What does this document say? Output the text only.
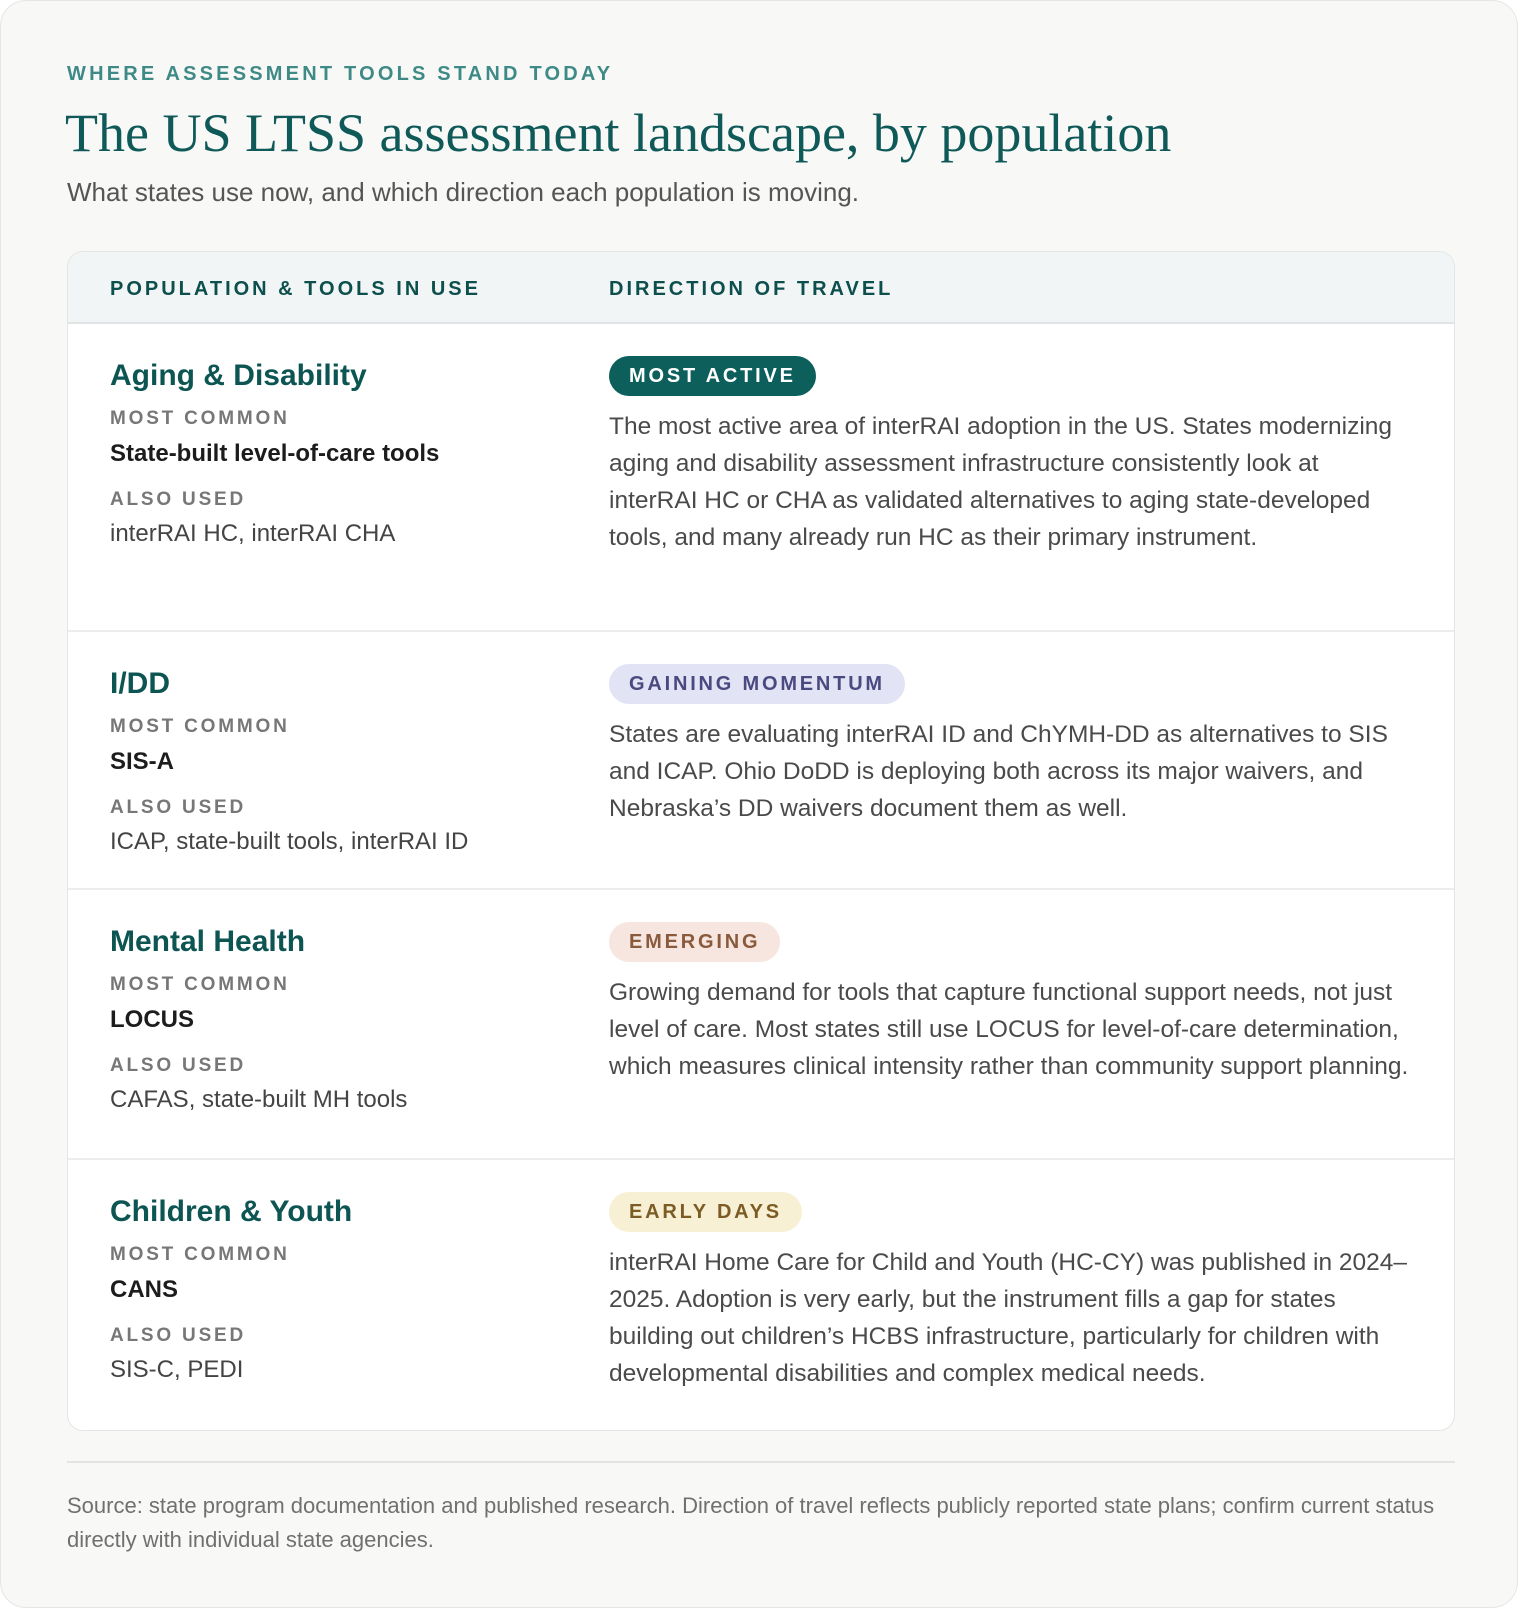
WHERE ASSESSMENT TOOLS STAND TODAY

The US LTSS assessment landscape, by population

What states use now, and which direction each population is moving.

POPULATION & TOOLS IN USE	DIRECTION OF TRAVEL
Aging & Disability
MOST COMMON
State-built level-of-care tools
ALSO USED
interRAI HC, interRAI CHA
MOST ACTIVE

The most active area of interRAI adoption in the US. States modernizing aging and disability assessment infrastructure consistently look at interRAI HC or CHA as validated alternatives to aging state-developed tools, and many already run HC as their primary instrument.

I/DD
MOST COMMON
SIS-A
ALSO USED
ICAP, state-built tools, interRAI ID
GAINING MOMENTUM

States are evaluating interRAI ID and ChYMH-DD as alternatives to SIS and ICAP. Ohio DoDD is deploying both across its major waivers, and Nebraska’s DD waivers document them as well.

Mental Health
MOST COMMON
LOCUS
ALSO USED
CAFAS, state-built MH tools
EMERGING

Growing demand for tools that capture functional support needs, not just level of care. Most states still use LOCUS for level-of-care determination, which measures clinical intensity rather than community support planning.

Children & Youth
MOST COMMON
CANS
ALSO USED
SIS-C, PEDI
EARLY DAYS

interRAI Home Care for Child and Youth (HC-CY) was published in 2024–2025. Adoption is very early, but the instrument fills a gap for states building out children’s HCBS infrastructure, particularly for children with developmental disabilities and complex medical needs.

Source: state program documentation and published research. Direction of travel reflects publicly reported state plans; confirm current status directly with individual state agencies.
